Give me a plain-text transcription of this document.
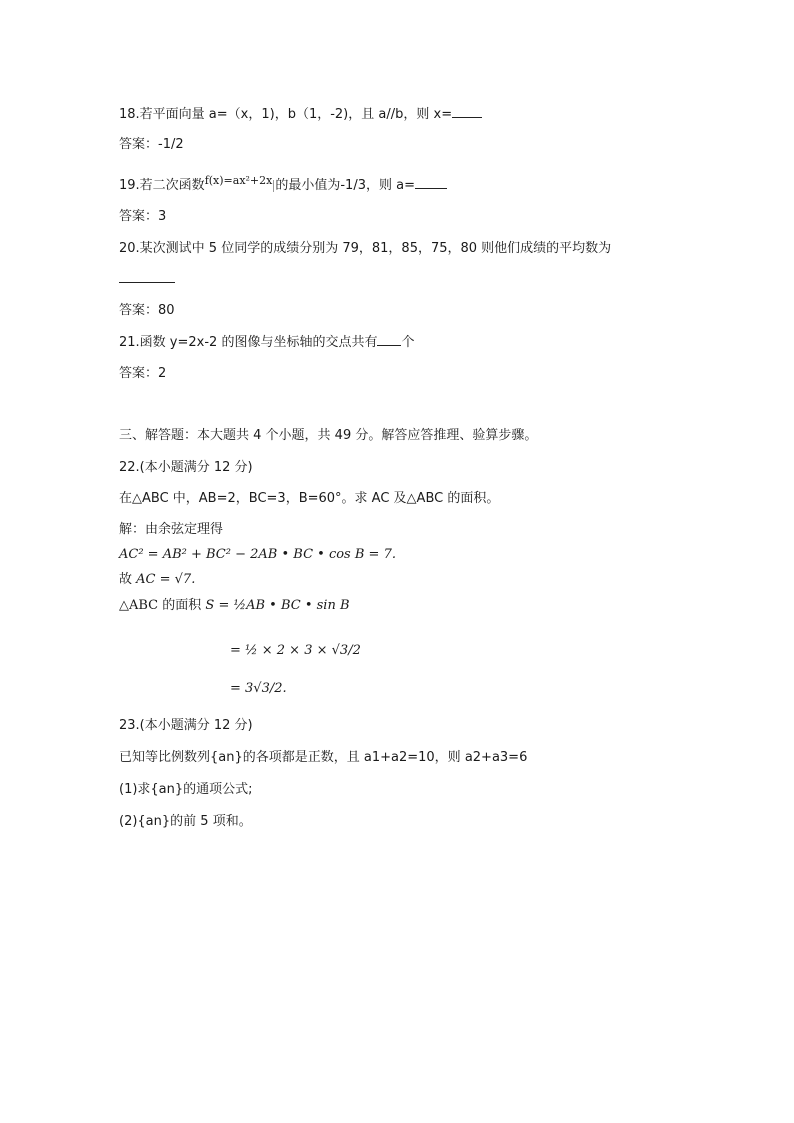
18.若平面向量 a=（x，1)，b（1，-2)，且 a//b，则 x=
答案：-1/2
19.若二次函数$^{f(x)=ax^2+2x}$ 的最小值为-1/3，则 a=
答案：3
20.某次测试中 5 位同学的成绩分别为 79，81，85，75，80 则他们成绩的平均数为
答案：80
21.函数 y=2x-2 的图像与坐标轴的交点共有 个
答案：2
三、解答题：本大题共 4 个小题，共 49 分。解答应答推理、验算步骤。
22.(本小题满分 12 分)
在△ABC 中，AB=2，BC=3，B=60°。求 AC 及△ABC 的面积。
解：由余弦定理得
AC² = AB² + BC² − 2AB • BC • cos B = 7.
故 AC = √7.
△ABC 的面积 S = ½AB • BC • sin B
= ½ × 2 × 3 × √3/2
= 3√3/2.
23.(本小题满分 12 分)
已知等比例数列{an}的各项都是正数，且 a1+a2=10，则 a2+a3=6
(1)求{an}的通项公式;
(2){an}的前 5 项和。
